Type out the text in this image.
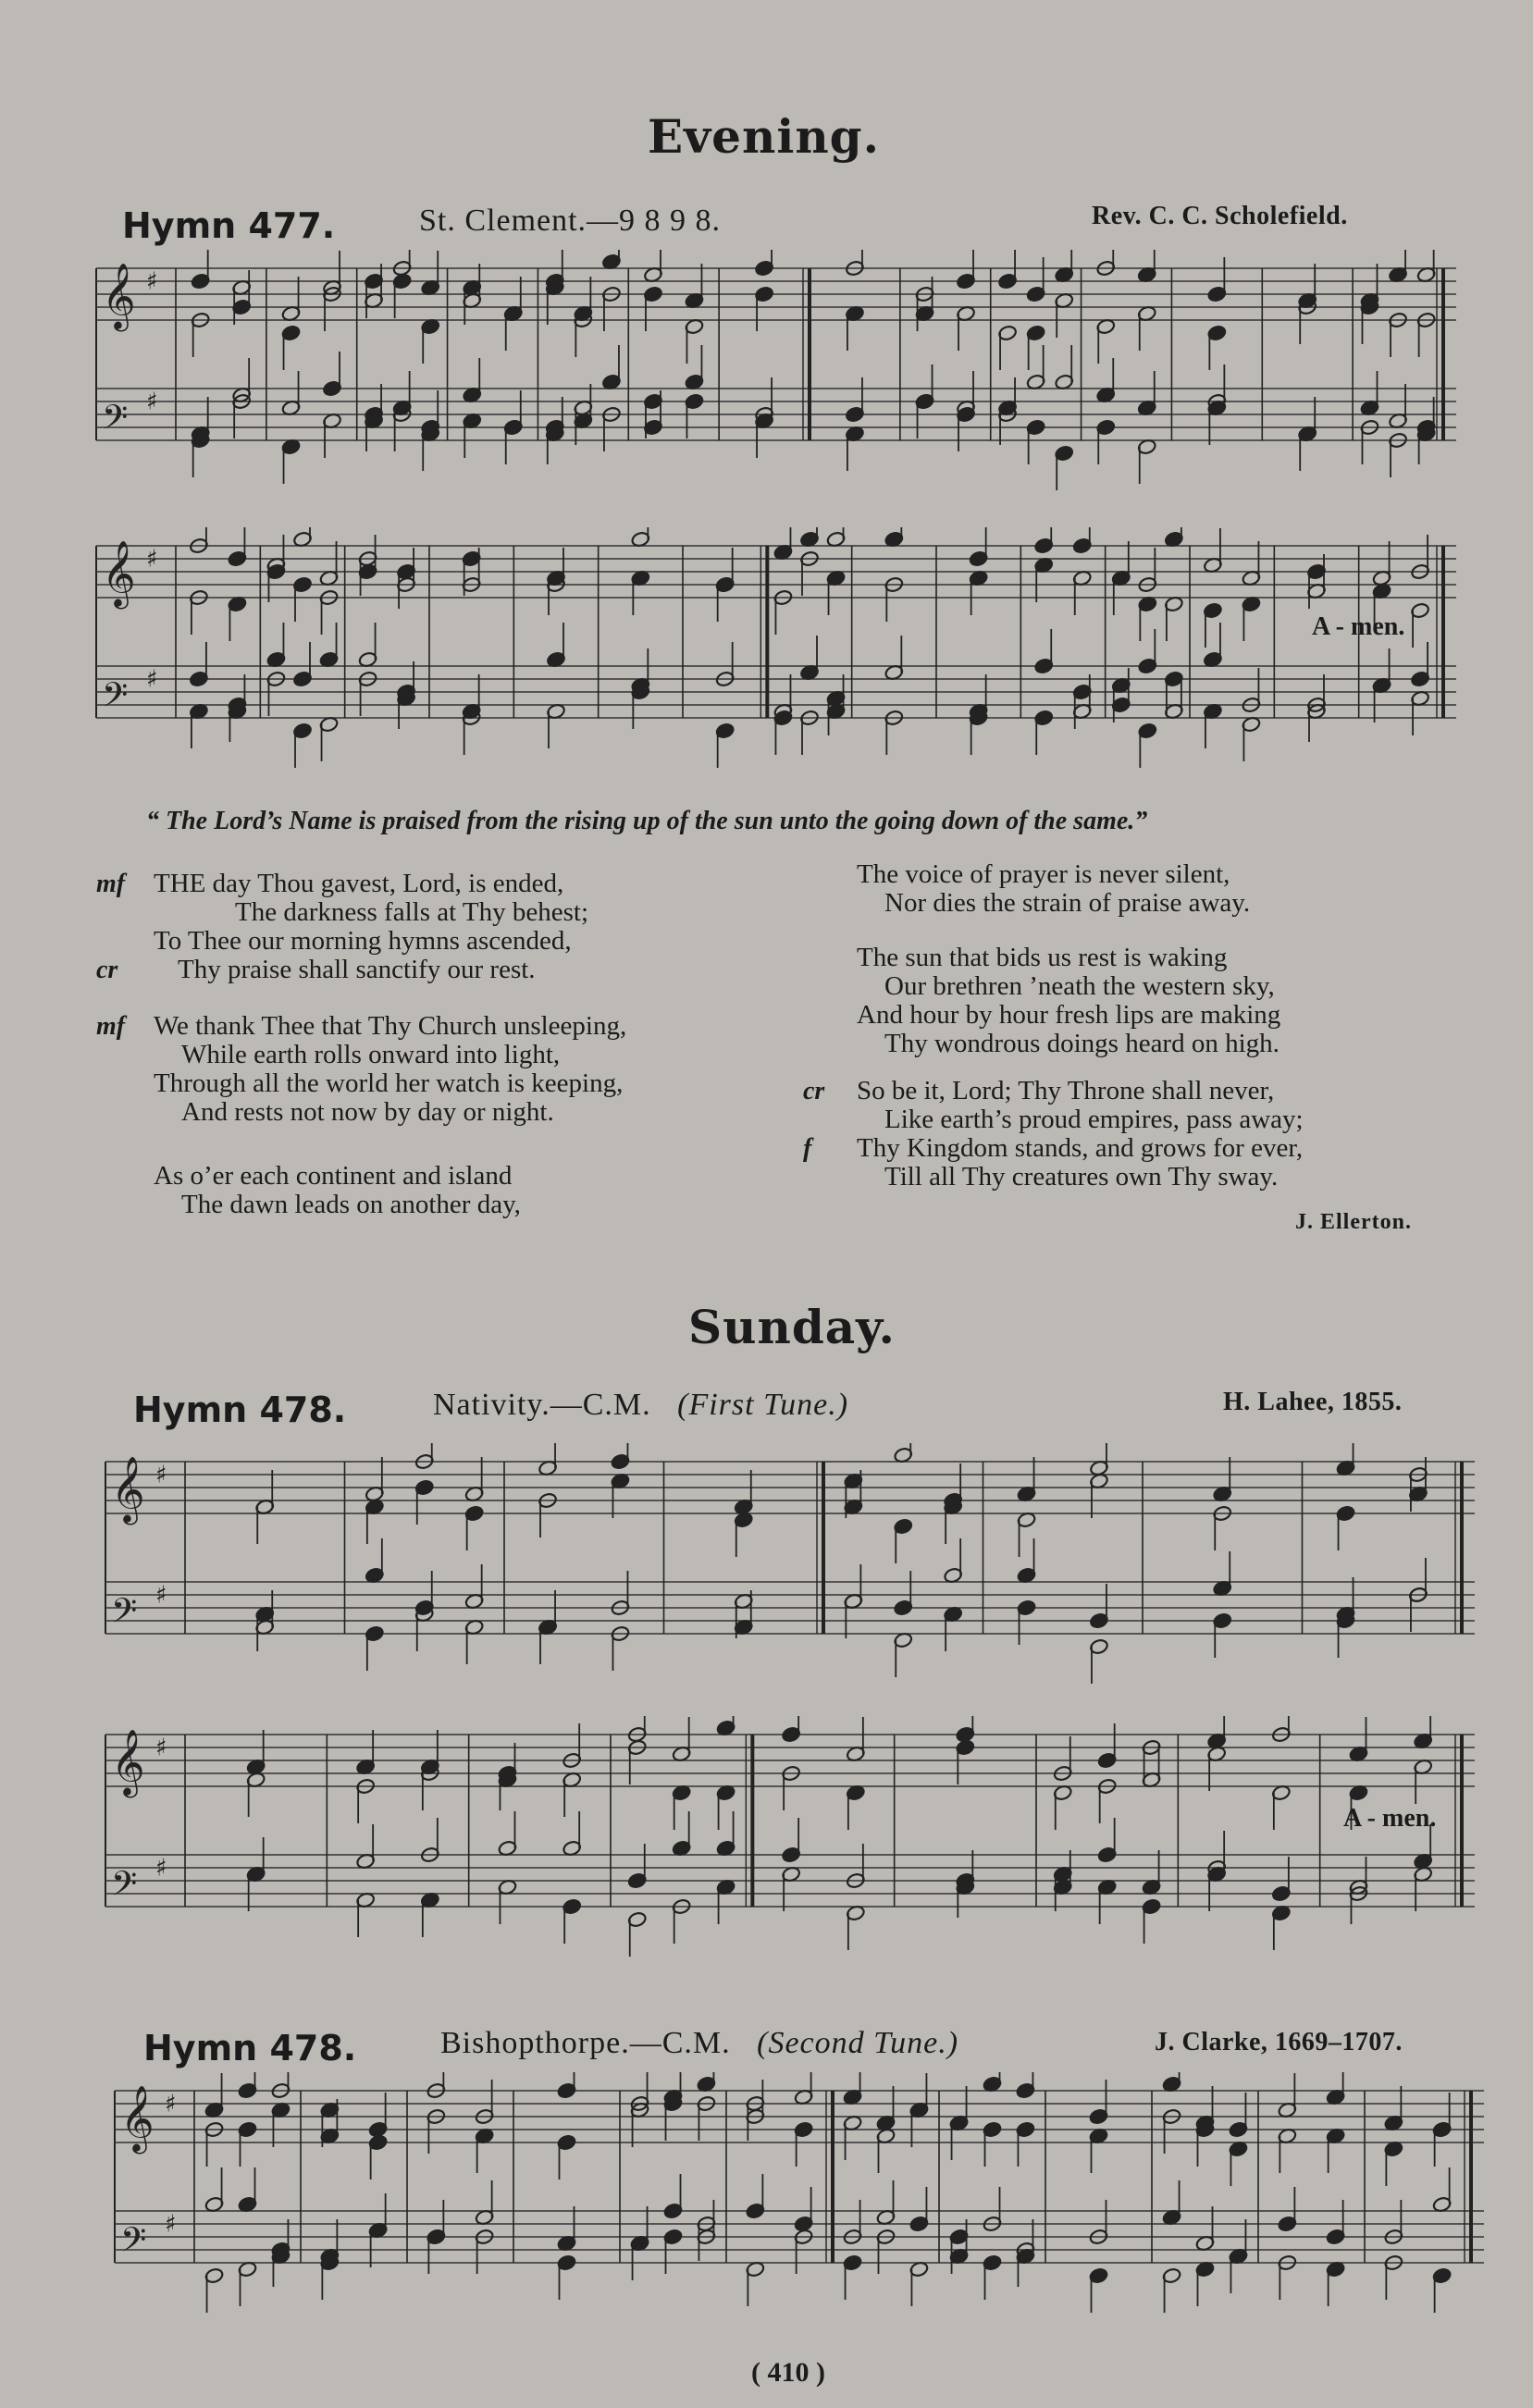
Evening.
Hymn 477.	St. Clement.—9 8 9 8.	Rev. C. C. Scholefield.
𝄞 ♯
𝄢 ♯
𝄞 ♯
𝄢 ♯
A - men.
“ The Lord’s Name is praised from the rising up of the sun unto the going down of the same.”
mf
cr
THE day Thou gavest, Lord, is ended,
The darkness falls at Thy behest;
To Thee our morning hymns ascended,
Thy praise shall sanctify our rest.
mf We thank Thee that Thy Church unsleeping,
While earth rolls onward into light,
Through all the world her watch is keeping,
And rests not now by day or night.
As o’er each continent and island
The dawn leads on another day,
The voice of prayer is never silent,
Nor dies the strain of praise away.
The sun that bids us rest is waking
Our brethren ’neath the western sky,
And hour by hour fresh lips are making
Thy wondrous doings heard on high.
cr
f
So be it, Lord; Thy Throne shall never,
Like earth’s proud empires, pass away;
Thy Kingdom stands, and grows for ever,
Till all Thy creatures own Thy sway.
J. Ellerton.
Sunday.
Hymn 478.	Nativity.—C.M. (First Tune.)	H. Lahee, 1855.
𝄞 ♯
𝄢 ♯
𝄞 ♯
𝄢 ♯
A - men.
Hymn 478.	Bishopthorpe.—C.M. (Second Tune.)	J. Clarke, 1669–1707.
𝄞 ♯
𝄢 ♯
( 410 )
